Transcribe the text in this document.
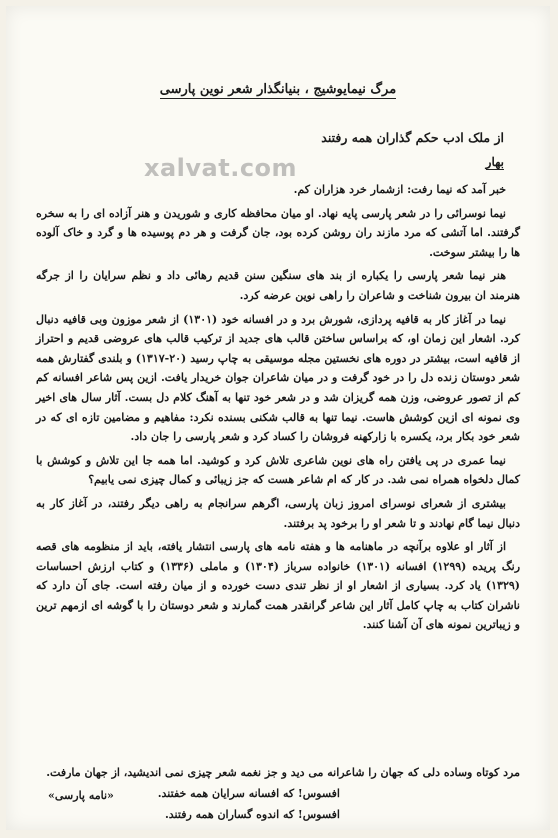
مرگ نیمایوشیج ، بنیانگذار شعر نوین پارسی
از ملک ادب حکم گذاران همه رفتند
بهار
xalvat.com

خبر آمد که نیما رفت: ازشمار خرد هزاران کم.

نیما نوسرائی را در شعر پارسی پایه نهاد. او میان محافظه کاری و شوریدن و هنر آزاده ای را به سخره گرفتند. اما آتشی که مرد مازند ران روشن کرده بود، جان گرفت و هر دم پوسیده ها و گرد و خاک آلوده ها را بیشتر سوخت.

هنر نیما شعر پارسی را یکباره از بند های سنگین سنن قدیم رهائی داد و نظم سرایان را از جرگه هنرمند ان بیرون شناخت و شاعران را راهی نوین عرضه کرد.

نیما در آغاز کار به قافیه پردازی، شورش برد و در افسانه خود (۱۳۰۱) از شعر موزون وبی قافیه دنبال کرد. اشعار این زمان او، که براساس ساختن قالب های جدید از ترکیب قالب های عروضی قدیم و احتراز از قافیه است، بیشتر در دوره های نخستین مجله موسیقی به چاپ رسید (۲۰-۱۳۱۷) و بلندی گفتارش همه شعر دوستان زنده دل را در خود گرفت و در میان شاعران جوان خریدار یافت. ازین پس شاعر افسانه کم کم از تصور عروضی، وزن همه گریزان شد و در شعر خود تنها به آهنگ کلام دل بست. آثار سال های اخیر وی نمونه ای ازین کوشش هاست. نیما تنها به قالب شکنی بسنده نکرد: مفاهیم و مضامین تازه ای که در شعر خود بکار برد، یکسره با زارکهنه فروشان را کساد کرد و شعر پارسی را جان داد.

نیما عمری در پی یافتن راه های نوین شاعری تلاش کرد و کوشید. اما همه جا این تلاش و کوشش با کمال دلخواه همراه نمی شد. در کار که ام شاعر هست که جز زیبائی و کمال چیزی نمی یابیم؟

بیشتری از شعرای نوسرای امروز زبان پارسی، اگرهم سرانجام به راهی دیگر رفتند، در آغاز کار به دنبال نیما گام نهادند و تا شعر او را برخود پد برفتند.

از آثار او علاوه برآنچه در ماهنامه ها و هفته نامه های پارسی انتشار یافته، باید از منظومه های قصه رنگ پریده (۱۲۹۹) افسانه (۱۳۰۱) خانواده سرباز (۱۳۰۴) و ماملی (۱۳۳۶) و کتاب ارزش احساسات (۱۳۲۹) یاد کرد. بسیاری از اشعار او از نظر تندی دست خورده و از میان رفته است. جای آن دارد که ناشران کتاب به چاپ کامل آثار این شاعر گرانقدر همت گمارند و شعر دوستان را با گوشه ای ازمهم ترین و زیباترین نمونه های آن آشنا کنند.

مرد کوتاه وساده دلی که جهان را شاعرانه می دید و جز نغمه شعر چیزی نمی اندیشید، از جهان مارفت.
افسوس! که افسانه سرایان همه خفتند.
افسوس! که اندوه گساران همه رفتند.
«نامه پارسی»
